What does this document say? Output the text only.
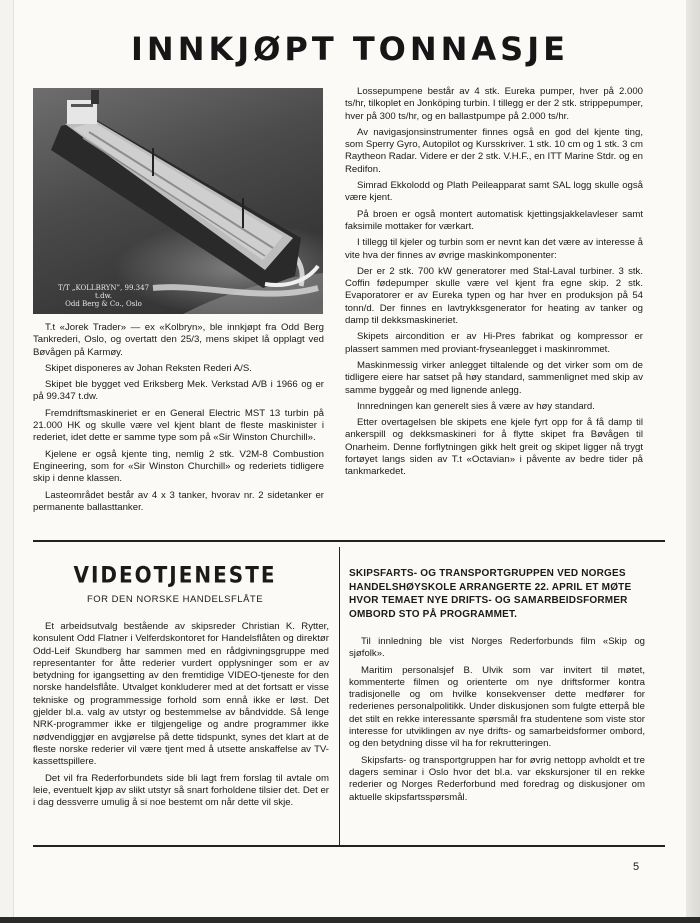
INNKJØPT TONNASJE
T/T „KOLLBRYN”, 99.347 t.dw.
Odd Berg & Co., Oslo

T.t «Jorek Trader» — ex «Kolbryn», ble innkjøpt fra Odd Berg Tankrederi, Oslo, og overtatt den 25/3, mens skipet lå opplagt ved Bøvågen på Karmøy.

Skipet disponeres av Johan Reksten Rederi A/S.

Skipet ble bygget ved Eriksberg Mek. Verkstad A/B i 1966 og er på 99.347 t.dw.

Fremdriftsmaskineriet er en General Electric MST 13 turbin på 21.000 HK og skulle være vel kjent blant de fleste maskinister i rederiet, idet dette er samme type som på «Sir Winston Churchill».

Kjelene er også kjente ting, nemlig 2 stk. V2M-8 Combustion Engineering, som for «Sir Winston Churchill» og rederiets tidligere skip i denne klassen.

Lasteområdet består av 4 x 3 tanker, hvorav nr. 2 sidetanker er permanente ballasttanker.

Lossepumpene består av 4 stk. Eureka pumper, hver på 2.000 ts/hr, tilkoplet en Jonköping turbin. I tillegg er der 2 stk. strippepumper, hver på 300 ts/hr, og en ballastpumpe på 2.000 ts/hr.

Av navigasjonsinstrumenter finnes også en god del kjente ting, som Sperry Gyro, Autopilot og Kursskriver. 1 stk. 10 cm og 1 stk. 3 cm Raytheon Radar. Videre er der 2 stk. V.H.F., en ITT Marine Stdr. og en Redifon.

Simrad Ekkolodd og Plath Peileapparat samt SAL logg skulle også være kjent.

På broen er også montert automatisk kjettingsjakkelavleser samt faksimile mottaker for værkart.

I tillegg til kjeler og turbin som er nevnt kan det være av interesse å vite hva der finnes av øvrige maskinkomponenter:

Der er 2 stk. 700 kW generatorer med Stal-Laval turbiner. 3 stk. Coffin fødepumper skulle være vel kjent fra egne skip. 2 stk. Evaporatorer er av Eureka typen og har hver en produksjon på 54 tonn/d. Der finnes en lavtrykksgenerator for heating av tanker og damp til dekksmaskineriet.

Skipets aircondition er av Hi-Pres fabrikat og kompressor er plassert sammen med proviant-fryseanlegget i maskinrommet.

Maskinmessig virker anlegget tiltalende og det virker som om de tidligere eiere har satset på høy standard, sammenlignet med skip av samme byggeår og med lignende anlegg.

Innredningen kan generelt sies å være av høy standard.

Etter overtagelsen ble skipets ene kjele fyrt opp for å få damp til ankerspill og dekksmaskineri for å flytte skipet fra Bøvågen til Onarheim. Denne forflytningen gikk helt greit og skipet ligger nå trygt fortøyet langs siden av T.t «Octavian» i påvente av bedre tider på tankmarkedet.

VIDEOTJENESTE
FOR DEN NORSKE HANDELSFLÅTE

Et arbeidsutvalg bestående av skipsreder Christian K. Rytter, konsulent Odd Flatner i Velferdskontoret for Handelsflåten og direktør Odd-Leif Skundberg har sammen med en rådgivningsgruppe med representanter for åtte rederier vurdert opplysninger som er av betydning for igangsetting av den fremtidige VIDEO-tjeneste for den norske handelsflåte. Utvalget konkluderer med at det fortsatt er visse tekniske og programmessige forhold som ennå ikke er løst. Det gjelder bl.a. valg av utstyr og bestemmelse av båndvidde. Så lenge NRK-programmer ikke er tilgjengelige og andre programmer ikke nødvendiggjør en avgjørelse på dette tidspunkt, synes det klart at de fleste norske rederier vil være tjent med å utsette anskaffelse av TV-kassettspillere.

Det vil fra Rederforbundets side bli lagt frem forslag til avtale om leie, eventuelt kjøp av slikt utstyr så snart forholdene tilsier det. Det er i dag dessverre umulig å si noe bestemt om når dette vil skje.

SKIPSFARTS- OG TRANSPORTGRUPPEN VED NORGES HANDELSHØYSKOLE ARRANGERTE 22. APRIL ET MØTE HVOR TEMAET NYE DRIFTS- OG SAMARBEIDSFORMER OMBORD STO PÅ PROGRAMMET.

Til innledning ble vist Norges Rederforbunds film «Skip og sjøfolk».

Maritim personalsjef B. Ulvik som var invitert til møtet, kommenterte filmen og orienterte om nye driftsformer kontra tradisjonelle og om hvilke konsekvenser dette medfører for rederienes personalpolitikk. Under diskusjonen som fulgte etterpå ble det stilt en rekke interessante spørsmål fra studentene som viste stor interesse for utviklingen av nye drifts- og samarbeidsformer ombord, og den betydning disse vil ha for rekrutteringen.

Skipsfarts- og transportgruppen har for øvrig nettopp avholdt et tre dagers seminar i Oslo hvor det bl.a. var ekskursjoner til en rekke rederier og Norges Rederforbund med foredrag og diskusjoner om aktuelle skipsfartsspørsmål.

5
